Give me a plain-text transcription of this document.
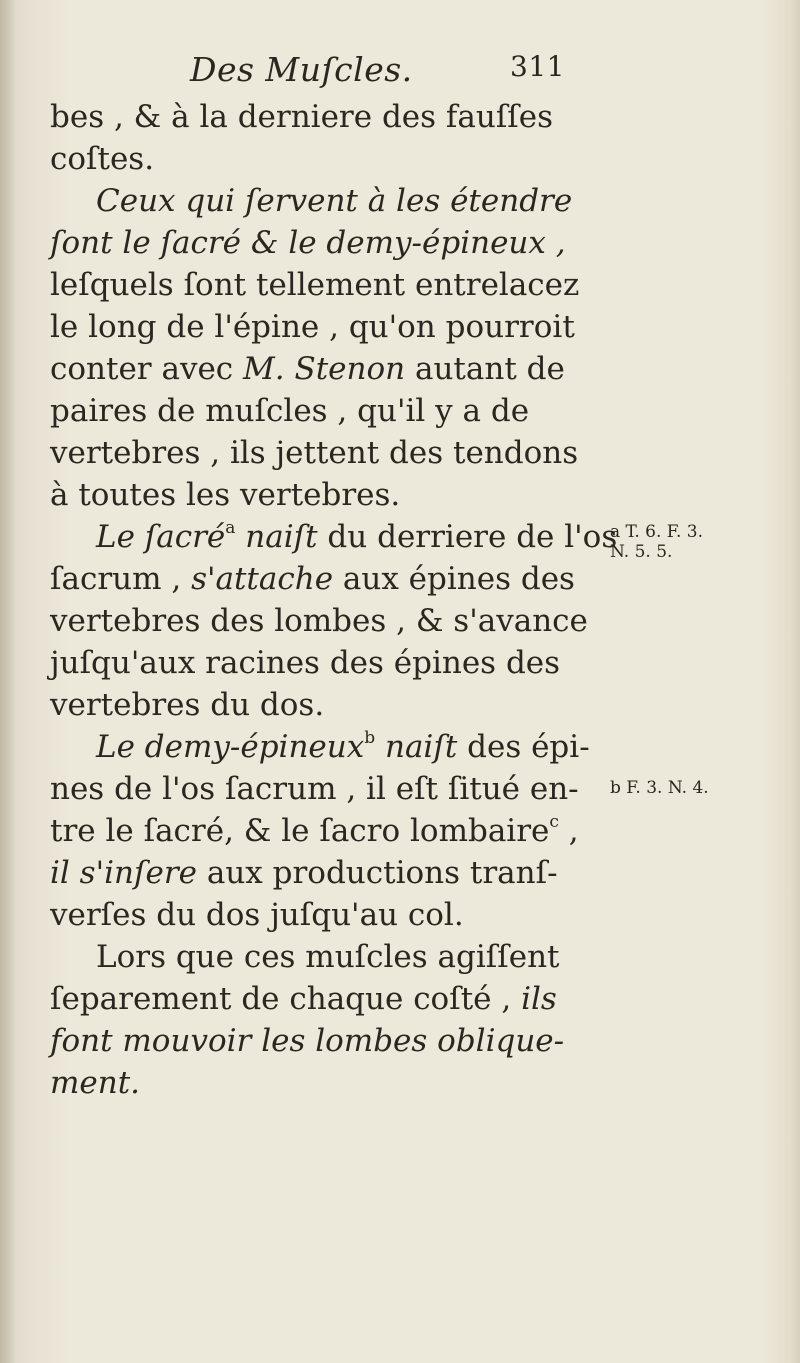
Des Muſcles.	311
bes , & à la derniere des fauſſes
coſtes.
Ceux qui ſervent à les étendre
ſont le ſacré & le demy-épineux ,
leſquels ſont tellement entrelacez
le long de l'épine , qu'on pourroit
conter avec M. Stenon autant de
paires de muſcles , qu'il y a de
vertebres , ils jettent des tendons
à toutes les vertebres.
Le ſacré$^a$ naiſt du derriere de l'os
ſacrum , s'attache aux épines des
vertebres des lombes , & s'avance
juſqu'aux racines des épines des
vertebres du dos.
Le demy-épineux$^b$ naiſt des épi-
nes de l'os ſacrum , il eſt ſitué en-
tre le ſacré, & le ſacro lombaire$^c$ ,
il s'inſere aux productions tranſ-
verſes du dos juſqu'au col.
Lors que ces muſcles agiſſent
ſeparement de chaque coſté , ils
font mouvoir les lombes oblique-
ment.
a T. 6. F. 3.
N. 5. 5.
b F. 3. N. 4.
